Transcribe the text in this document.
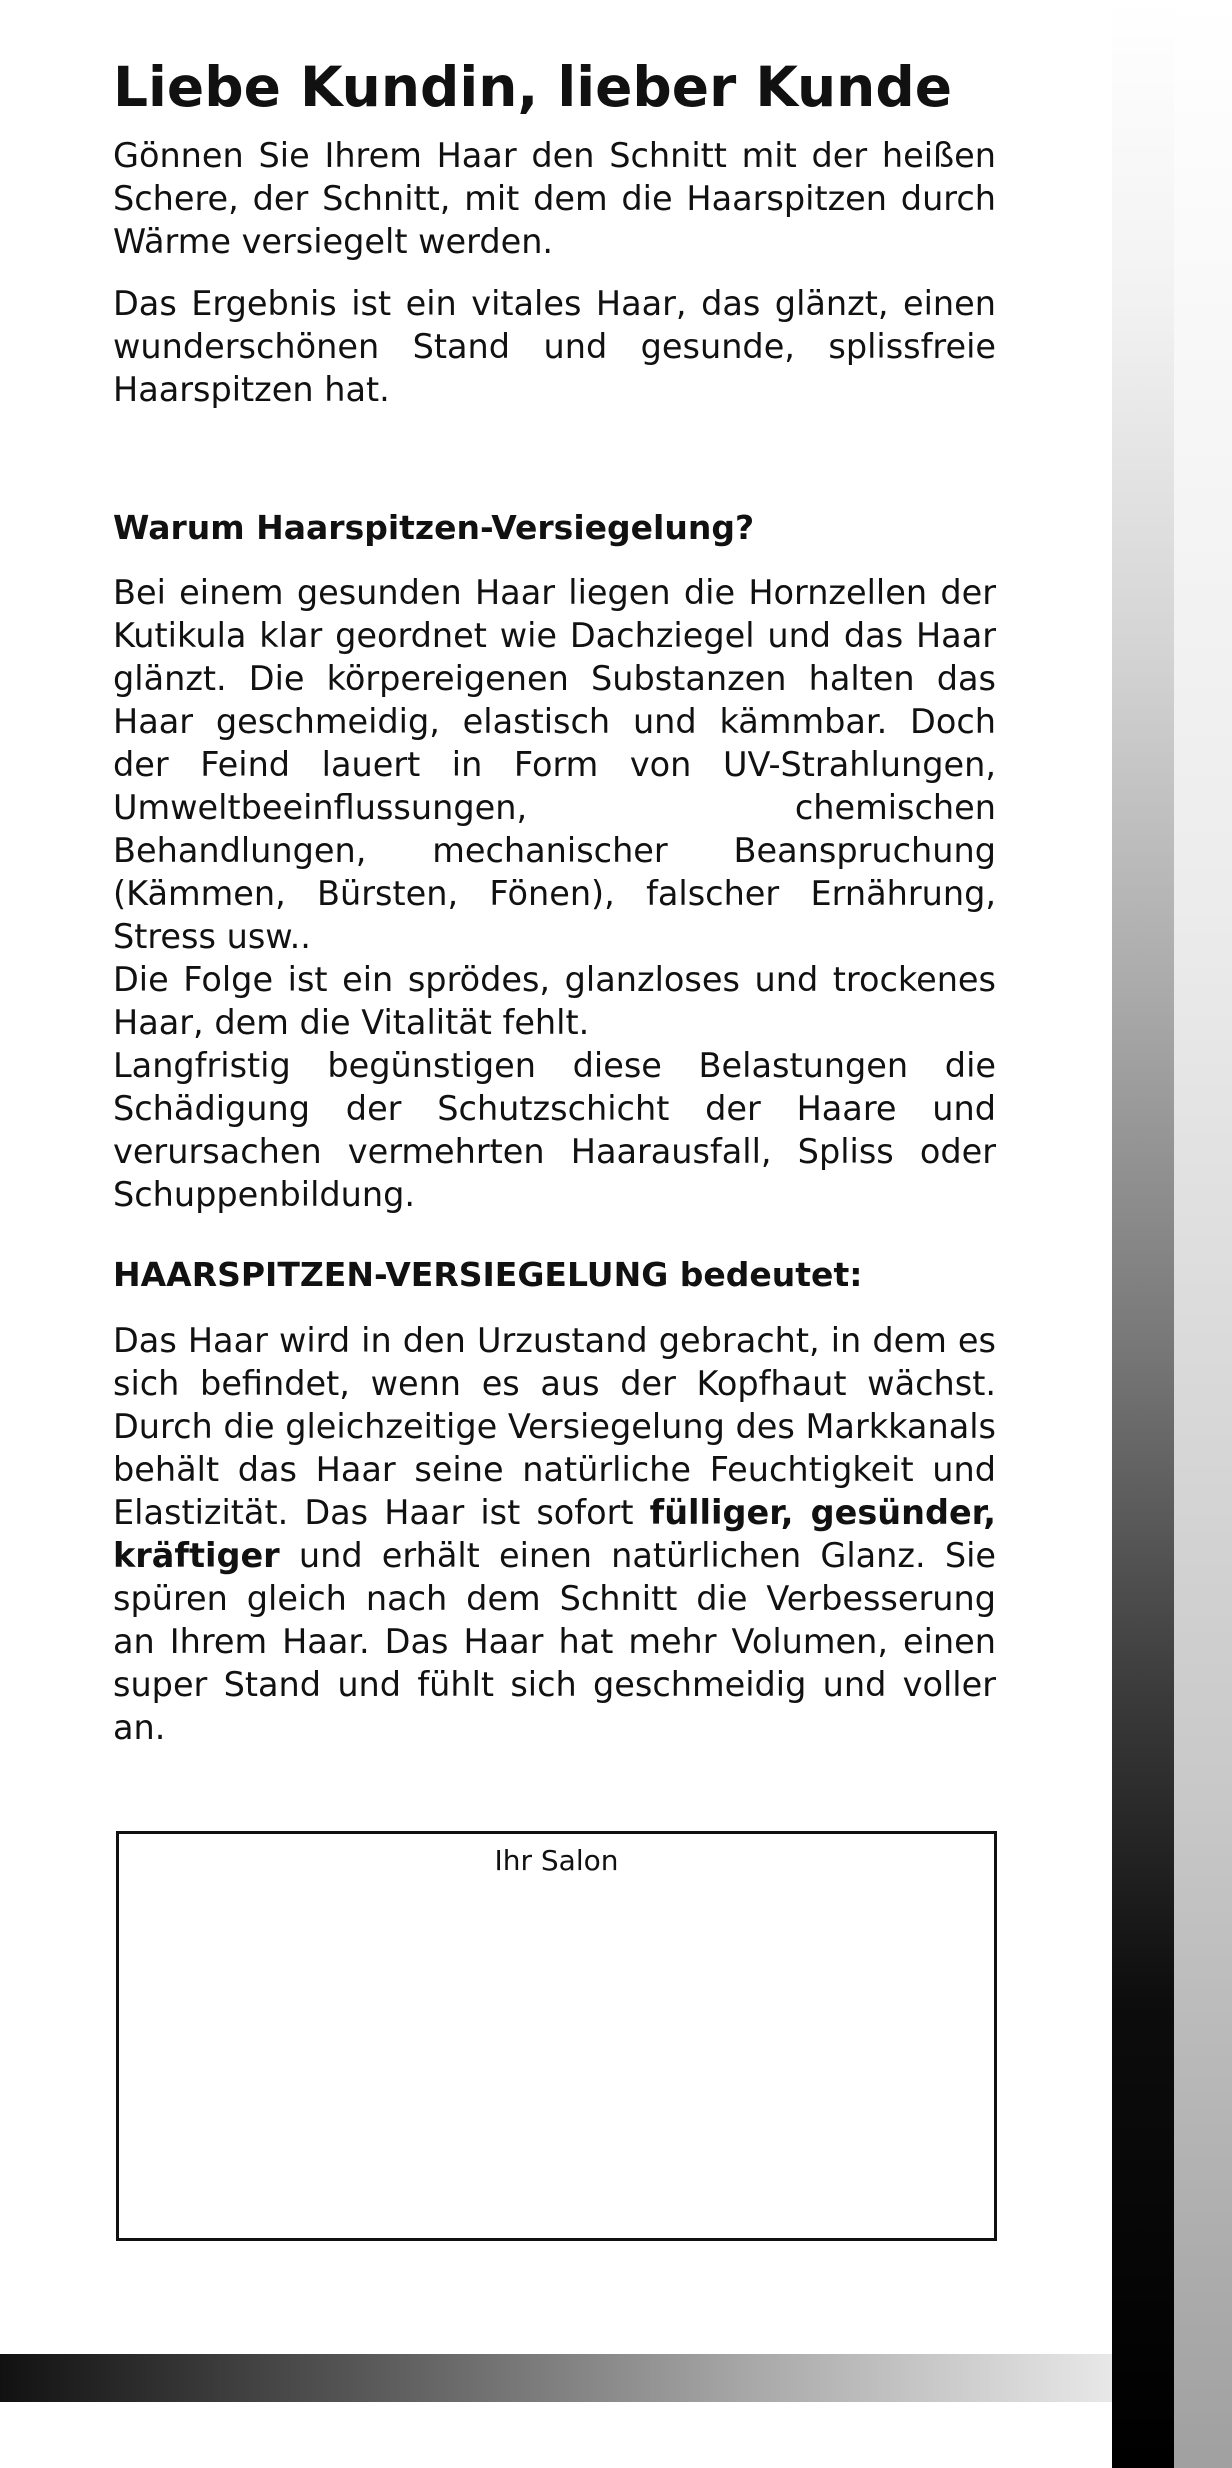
Liebe Kundin, lieber Kunde

Gönnen Sie Ihrem Haar den Schnitt mit der heißen Schere, der Schnitt, mit dem die Haarspitzen durch Wärme versiegelt werden.

Das Ergebnis ist ein vitales Haar, das glänzt, einen wunderschönen Stand und gesunde, splissfreie Haarspitzen hat.

Warum Haarspitzen-Versiegelung?

Bei einem gesunden Haar liegen die Hornzellen der Kutikula klar geordnet wie Dachziegel und das Haar glänzt. Die körpereigenen Substanzen halten das Haar geschmeidig, elastisch und kämmbar. Doch der Feind lauert in Form von UV-Strahlungen, Umweltbeeinflussungen, chemischen Behandlungen, mechanischer Beanspruchung (Kämmen, Bürsten, Fönen), falscher Ernährung, Stress usw..

Die Folge ist ein sprödes, glanzloses und trockenes Haar, dem die Vitalität fehlt.

Langfristig begünstigen diese Belastungen die Schädigung der Schutzschicht der Haare und verursachen vermehrten Haarausfall, Spliss oder Schuppenbildung.

HAARSPITZEN-VERSIEGELUNG bedeutet:

Das Haar wird in den Urzustand gebracht, in dem es sich befindet, wenn es aus der Kopfhaut wächst. Durch die gleichzeitige Versiegelung des Markkanals behält das Haar seine natürliche Feuchtigkeit und Elastizität. Das Haar ist sofort fülliger, gesünder, kräftiger und erhält einen natürlichen Glanz. Sie spüren gleich nach dem Schnitt die Verbesserung an Ihrem Haar. Das Haar hat mehr Volumen, einen super Stand und fühlt sich geschmeidig und voller an.

Ihr Salon
